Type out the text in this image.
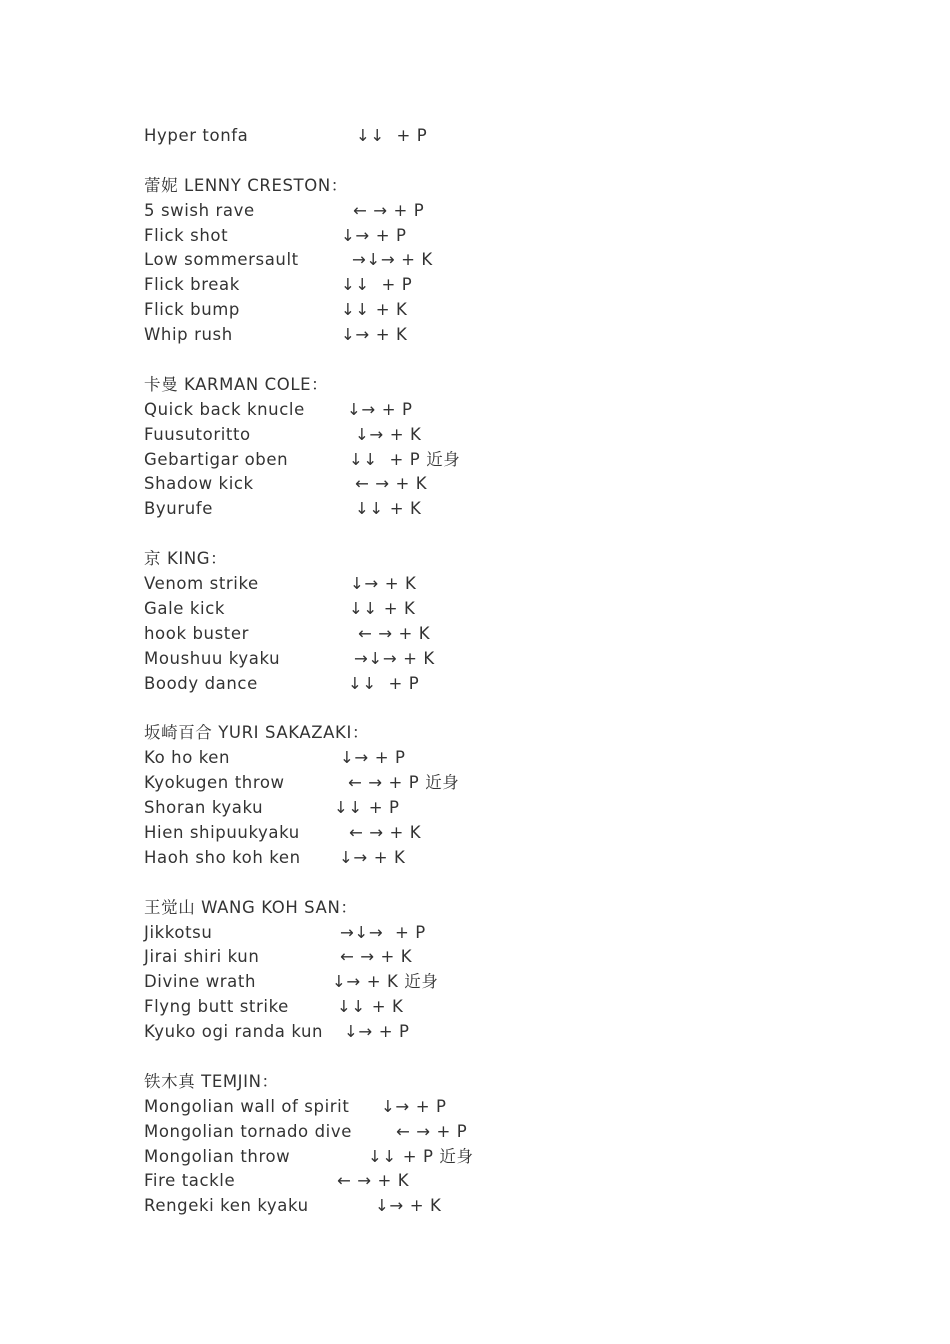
Hyper tonfa	↓↓  + P
蕾妮 LENNY CRESTON：
5 swish rave	← → + P
Flick shot	↓→ + P
Low sommersault	→↓→ + K
Flick break	↓↓  + P
Flick bump	↓↓ + K
Whip rush	↓→ + K
卡曼 KARMAN COLE：
Quick back knucle	↓→ + P
Fuusutoritto	↓→ + K
Gebartigar oben	↓↓  + P 近身
Shadow kick	← → + K
Byurufe	↓↓ + K
京 KING：
Venom strike	↓→ + K
Gale kick	↓↓ + K
hook buster	← → + K
Moushuu kyaku	→↓→ + K
Boody dance	↓↓  + P
坂崎百合 YURI SAKAZAKI：
Ko ho ken	↓→ + P
Kyokugen throw	← → + P 近身
Shoran kyaku	↓↓ + P
Hien shipuukyaku	← → + K
Haoh sho koh ken ↓→ + K
王觉山 WANG KOH SAN：
Jikkotsu	→↓→  + P
Jirai shiri kun	← → + K
Divine wrath	↓→ + K 近身
Flyng butt strike	↓↓ + K
Kyuko ogi randa kun ↓→ + P
铁木真 TEMJIN：
Mongolian wall of spirit ↓→ + P
Mongolian tornado dive	← → + P
Mongolian throw	↓↓ + P 近身
Fire tackle	← → + K
Rengeki ken kyaku	↓→ + K
